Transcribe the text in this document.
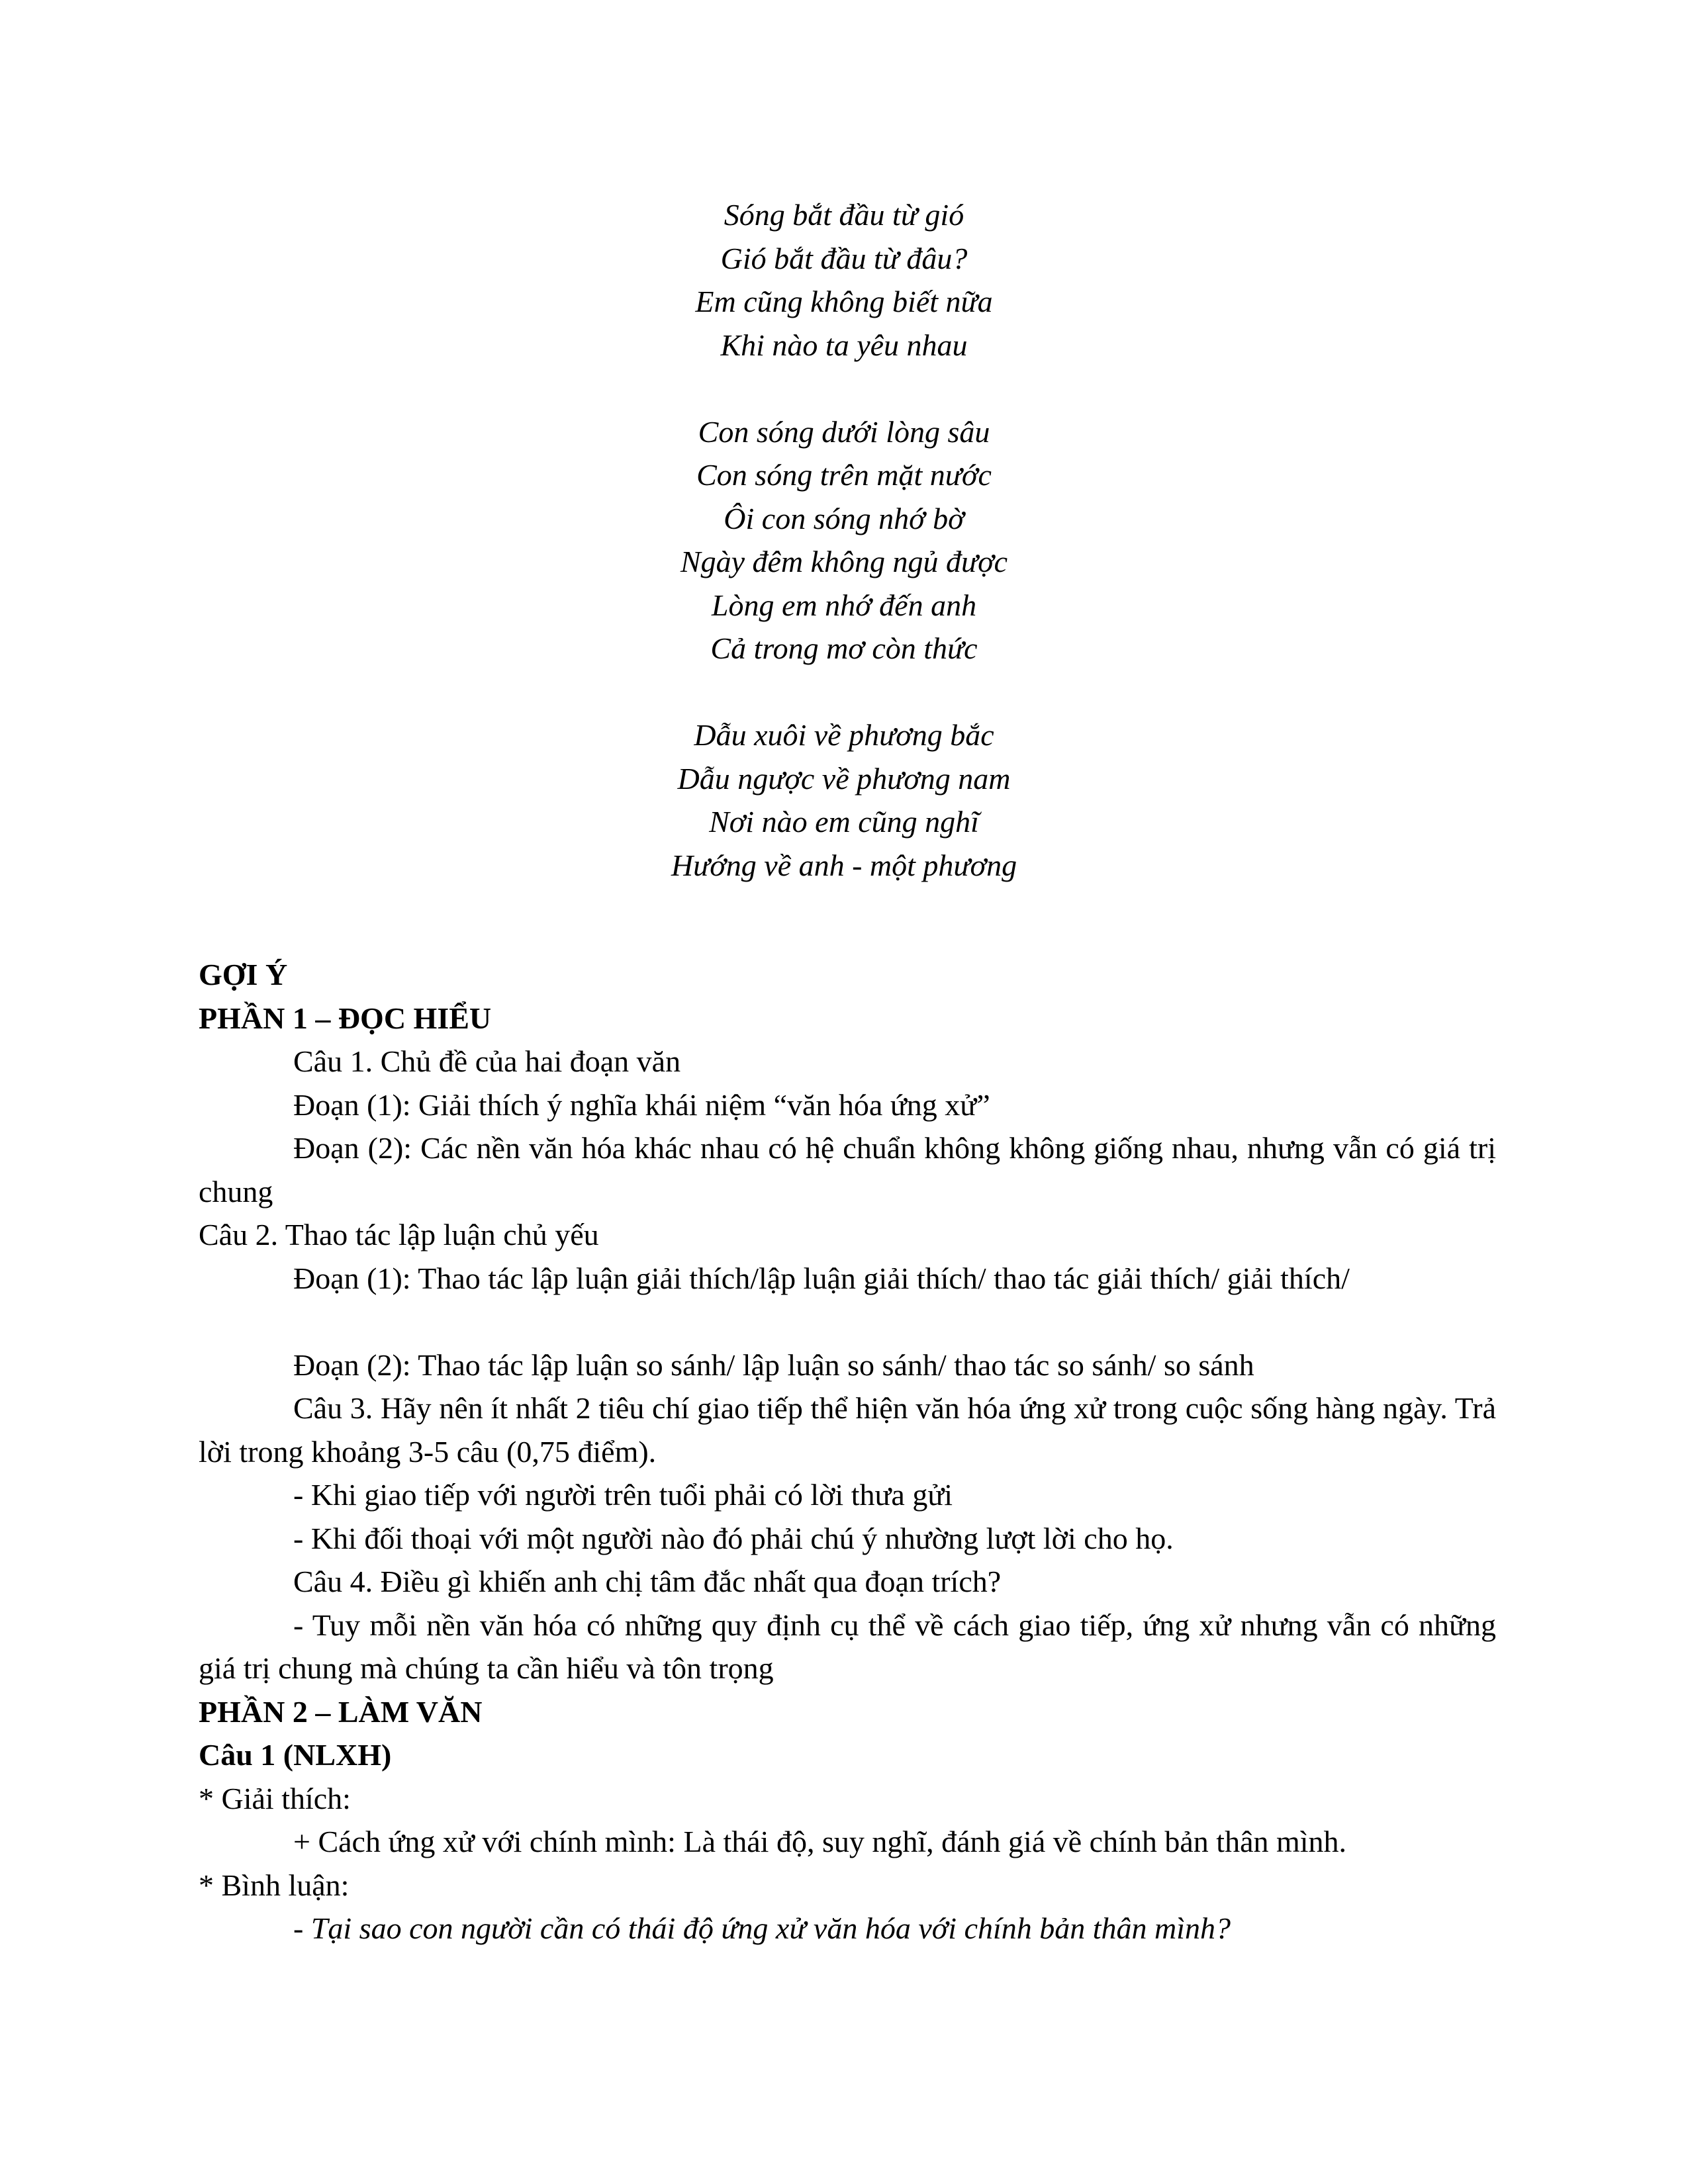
Sóng bắt đầu từ gió
Gió bắt đầu từ đâu?
Em cũng không biết nữa
Khi nào ta yêu nhau
Con sóng dưới lòng sâu
Con sóng trên mặt nước
Ôi con sóng nhớ bờ
Ngày đêm không ngủ được
Lòng em nhớ đến anh
Cả trong mơ còn thức
Dẫu xuôi về phương bắc
Dẫu ngược về phương nam
Nơi nào em cũng nghĩ
Hướng về anh - một phương
GỢI Ý
PHẦN 1 – ĐỌC HIỂU
Câu 1. Chủ đề của hai đoạn văn
Đoạn (1): Giải thích ý nghĩa khái niệm “văn hóa ứng xử”
Đoạn (2): Các nền văn hóa khác nhau có hệ chuẩn không không giống nhau, nhưng vẫn có giá trị chung
Câu 2. Thao tác lập luận chủ yếu
Đoạn (1): Thao tác lập luận giải thích/lập luận giải thích/ thao tác giải thích/ giải thích/
Đoạn (2): Thao tác lập luận so sánh/ lập luận so sánh/ thao tác so sánh/ so sánh
Câu 3. Hãy nên ít nhất 2 tiêu chí giao tiếp thể hiện văn hóa ứng xử trong cuộc sống hàng ngày. Trả lời trong khoảng 3-5 câu (0,75 điểm).
- Khi giao tiếp với người trên tuổi phải có lời thưa gửi
- Khi đối thoại với một người nào đó phải chú ý nhường lượt lời cho họ.
Câu 4. Điều gì khiến anh chị tâm đắc nhất qua đoạn trích?
- Tuy mỗi nền văn hóa có những quy định cụ thể về cách giao tiếp, ứng xử nhưng vẫn có những giá trị chung mà chúng ta cần hiểu và tôn trọng
PHẦN 2 – LÀM VĂN
Câu 1 (NLXH)
* Giải thích:
+ Cách ứng xử với chính mình: Là thái độ, suy nghĩ, đánh giá về chính bản thân mình.
* Bình luận:
- Tại sao con người cần có thái độ ứng xử văn hóa với chính bản thân mình?
